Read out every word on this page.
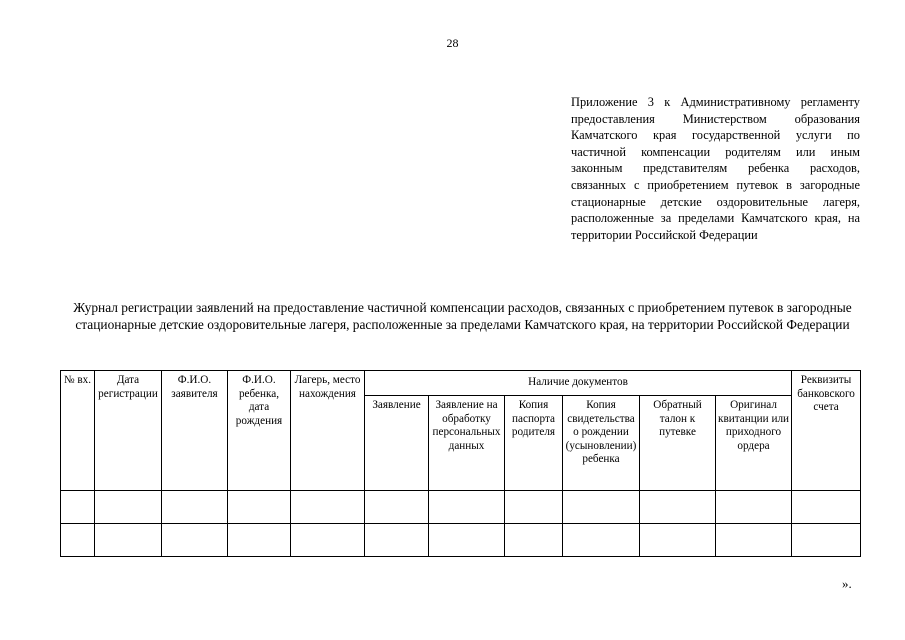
28
Приложение 3 к Административному регламенту предоставления Министерством образования Камчатского края государственной услуги по частичной компенсации родителям или иным законным представителям ребенка расходов, связанных с приобретением путевок в загородные стационарные детские оздоровительные лагеря, расположенные за пределами Камчатского края, на территории Российской Федерации
Журнал регистрации заявлений на предоставление частичной компенсации расходов, связанных с приобретением путевок в загородные стационарные детские оздоровительные лагеря, расположенные за пределами Камчатского края, на территории Российской Федерации
№ вх.	Дата регистрации	Ф.И.О. заявителя	Ф.И.О. ребенка, дата рождения	Лагерь, место нахождения	Наличие документов						Реквизиты банковского счета
					Заявление	Заявление на обработку персональных данных	Копия паспорта родителя	Копия свидетельства о рождении (усыновлении) ребенка	Обратный талон к путевке	Оригинал квитанции или приходного ордера	

».
